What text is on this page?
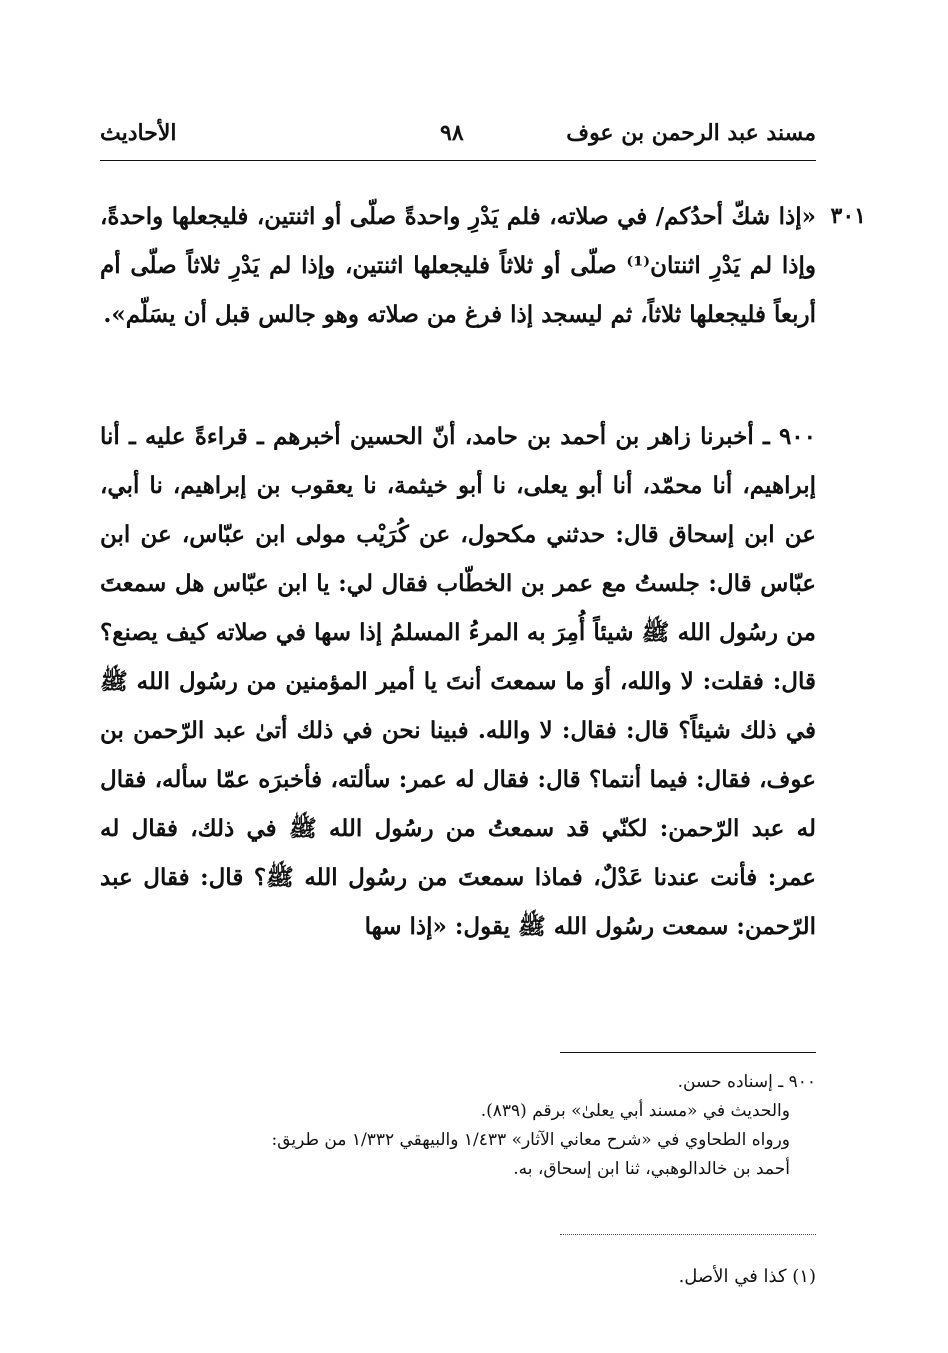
مسند عبد الرحمن بن عوف
٩٨
الأحاديث
٣٠١
«إذا شكّ أحدُكم/ في صلاته، فلم يَدْرِ واحدةً صلّى أو اثنتين، فليجعلها واحدةً، وإذا لم يَدْرِ اثنتان⁽¹⁾ صلّى أو ثلاثاً فليجعلها اثنتين، وإذا لم يَدْرِ ثلاثاً صلّى أم أربعاً فليجعلها ثلاثاً، ثم ليسجد إذا فرغ من صلاته وهو جالس قبل أن يسَلّم».
٩٠٠ ـ أخبرنا زاهر بن أحمد بن حامد، أنّ الحسين أخبرهم ـ قراءةً عليه ـ أنا إبراهيم، أنا محمّد، أنا أبو يعلى، نا أبو خيثمة، نا يعقوب بن إبراهيم، نا أبي، عن ابن إسحاق قال: حدثني مكحول، عن كُرَيْب مولى ابن عبّاس، عن ابن عبّاس قال: جلستُ مع عمر بن الخطّاب فقال لي: يا ابن عبّاس هل سمعتَ من رسُول الله ﷺ شيئاً أُمِرَ به المرءُ المسلمُ إذا سها في صلاته كيف يصنع؟ قال: فقلت: لا والله، أوَ ما سمعتَ أنتَ يا أمير المؤمنين من رسُول الله ﷺ في ذلك شيئاً؟ قال: فقال: لا والله. فبينا نحن في ذلك أتىٰ عبد الرّحمن بن عوف، فقال: فيما أنتما؟ قال: فقال له عمر: سألته، فأخبرَه عمّا سأله، فقال له عبد الرّحمن: لكنّي قد سمعتُ من رسُول الله ﷺ في ذلك، فقال له عمر: فأنت عندنا عَدْلٌ، فماذا سمعتَ من رسُول الله ﷺ؟ قال: فقال عبد الرّحمن: سمعت رسُول الله ﷺ يقول: «إذا سها

٩٠٠ ـ إسناده حسن.

والحديث في «مسند أبي يعلىٰ» برقم (٨٣٩).

ورواه الطحاوي في «شرح معاني الآثار» ١/٤٣٣ والبيهقي ١/٣٣٢ من طريق:

أحمد بن خالدالوهبي، ثنا ابن إسحاق، به.

(١) كذا في الأصل.
